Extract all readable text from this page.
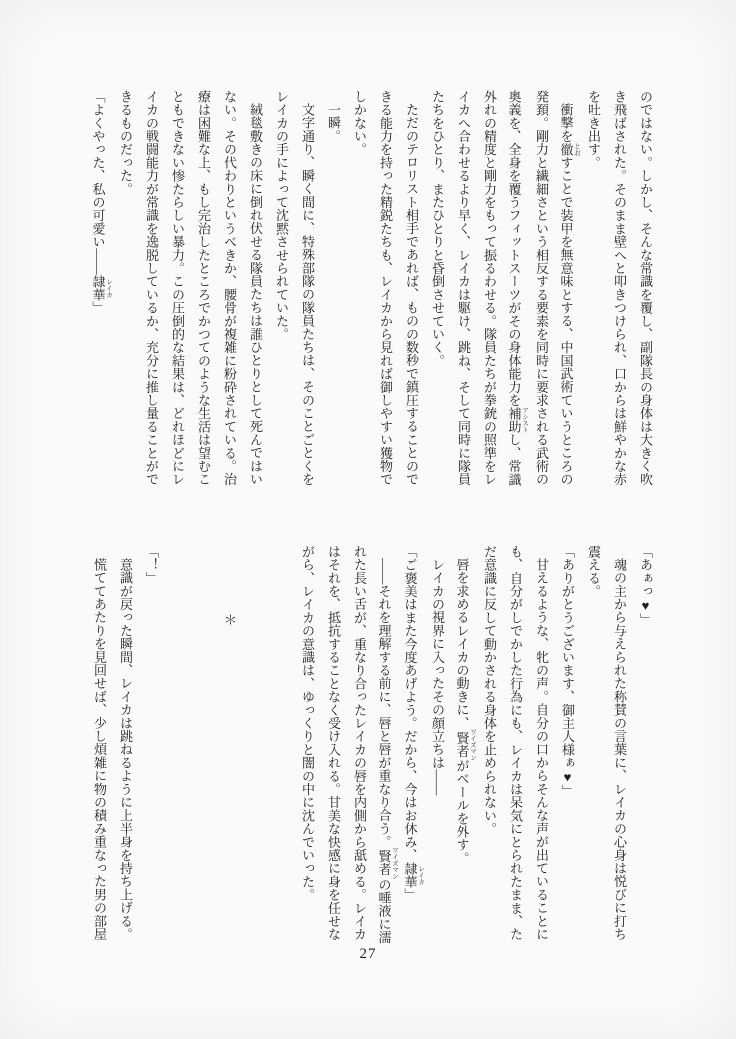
のではない。しかし、そんな常識を覆し、副隊長の身体は大きく吹
き飛ばされた。そのまま壁へと叩きつけられ、口からは鮮やかな赤
を吐き出す。
衝撃を徹 とおすことで装甲を無意味とする、中国武術ていうところの
発頚。剛力と繊細さという相反する要素を同時に要求される武術の
奥義を、全身を覆うフィットスーツがその身体能力を補助 アシストし、常識
外れの精度と剛力をもって振るわせる。隊員たちが拳銃の照準をレ
イカへ合わせるより早く、レイカは駆け、跳ね、そして同時に隊員
たちをひとり、またひとりと昏倒させていく。
ただのテロリスト相手であれば、ものの数秒で鎮圧することので
きる能力を持った精鋭たちも、レイカから見れば御しやすい獲物で
しかない。
一瞬。
文字通り、瞬く間に、特殊部隊の隊員たちは、そのことごとくを
レイカの手によって沈黙させられていた。
絨毯敷きの床に倒れ伏せる隊員たちは誰ひとりとして死んではい
ない。その代わりというべきか、腰骨が複雑に粉砕されている。治
療は困難な上、もし完治したところでかつてのような生活は望むこ
ともできない惨たらしい暴力。この圧倒的な結果は、どれほどにレ
イカの戦闘能力が常識を逸脱しているか、充分に推し量ることがで
きるものだった。
「よくやった、私の可愛い――隷華 レイカ」
「あぁっ♥」
魂の主から与えられた称賛の言葉に、レイカの心身は悦びに打ち
震える。
「ありがとうございます、御主人様ぁ♥」
甘えるような、牝の声。自分の口からそんな声が出ていることに
も、自分がしでかした行為にも、レイカは呆気にとられたまま、た
だ意識に反して動かされる身体を止められない。
唇を求めるレイカの動きに、賢者 ワイズマンがベールを外す。
レイカの視界に入ったその顔立ちは――
「ご褒美はまた今度あげよう。だから、今はお休み、隷華 レイカ」
――それを理解する前に、唇と唇が重なり合う。賢者 ワイズマンの唾液に濡
れた長い舌が、重なり合ったレイカの唇を内側から舐める。レイカ
はそれを、抵抗することなく受け入れる。甘美な快感に身を任せな
がら、レイカの意識は、ゆっくりと闇の中に沈んでいった。
＊
「！」
意識が戻った瞬間、レイカは跳ねるように上半身を持ち上げる。
慌ててあたりを見回せば、少し煩雑に物の積み重なった男の部屋
27
